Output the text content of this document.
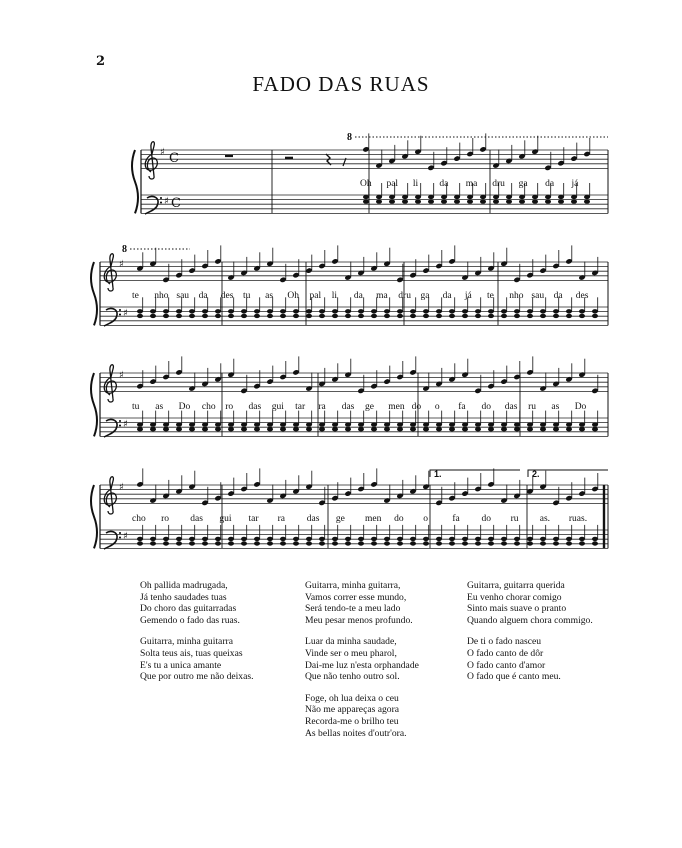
2
FADO DAS RUAS
♯
♯
C
C
8
Oh pal li da ma dru ga da já
♯
♯
8
te nho sau da des tu as Oh pal li da ma dru ga da já te nho sau da des
♯
♯
tu as Do cho ro das gui tar ra das ge men do o fa do das ru as Do
♯
♯
cho ro das gui tar ra das ge men do o	fa do ru as. ruas.
1.	2.
Oh pallida madrugada,
Já tenho saudades tuas
Do choro das guitarradas
Gemendo o fado das ruas.
Guitarra, minha guitarra
Solta teus ais, tuas queixas
E's tu a unica amante
Que por outro me não deixas.
Guitarra, minha guitarra,
Vamos correr esse mundo,
Será tendo-te a meu lado
Meu pesar menos profundo.
Luar da minha saudade,
Vinde ser o meu pharol,
Dai-me luz n'esta orphandade
Que não tenho outro sol.
Foge, oh lua deixa o ceu
Não me appareças agora
Recorda-me o brilho teu
As bellas noites d'outr'ora.
Guitarra, guitarra querida
Eu venho chorar comigo
Sinto mais suave o pranto
Quando alguem chora commigo.
De ti o fado nasceu
O fado canto de dôr
O fado canto d'amor
O fado que é canto meu.
